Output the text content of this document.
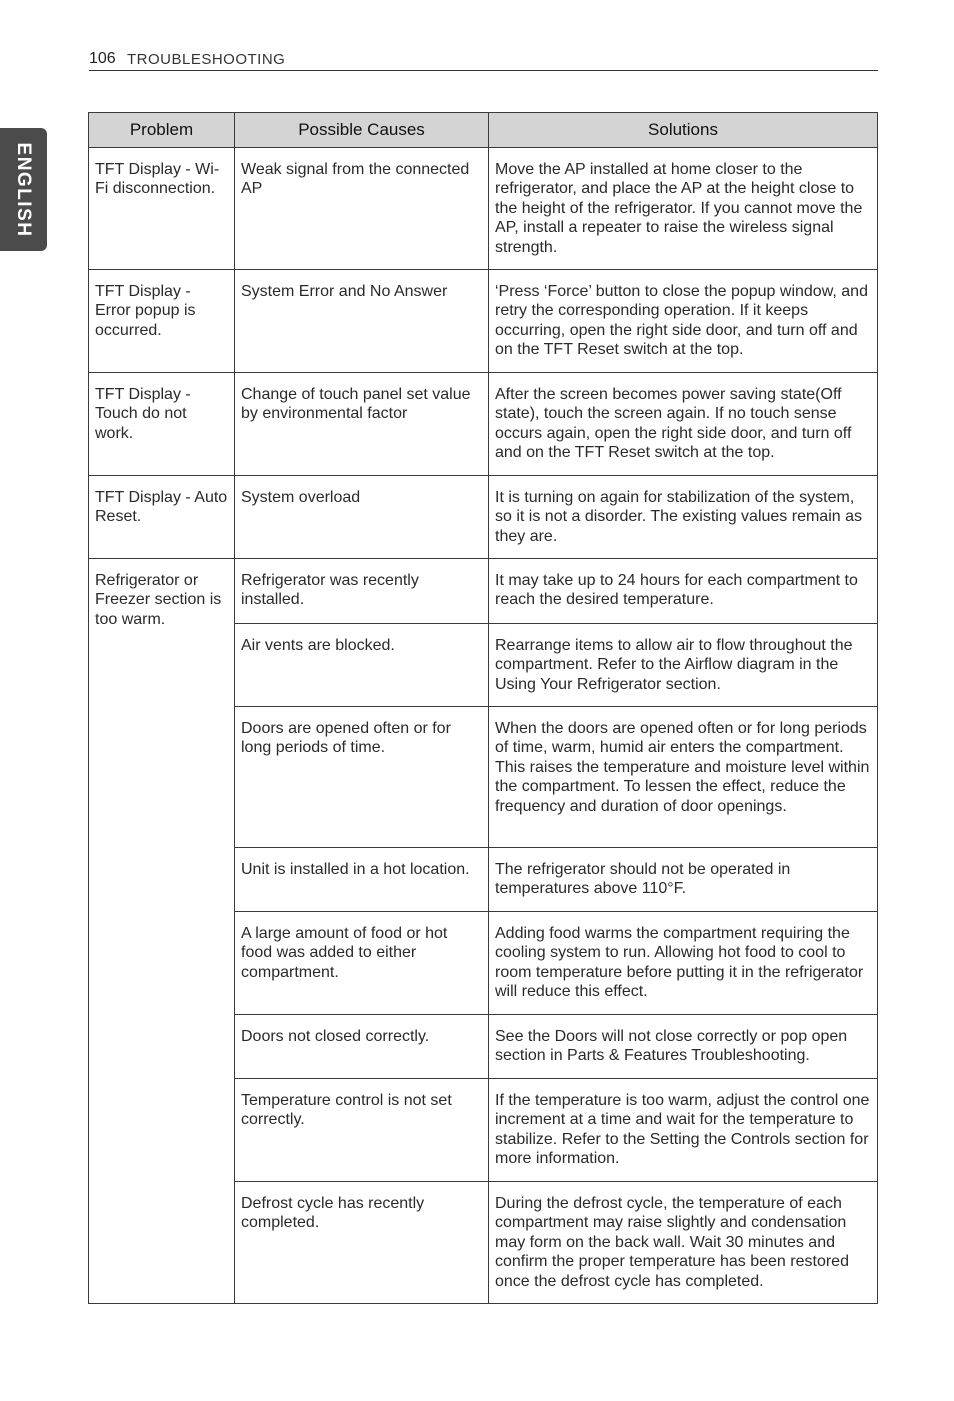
106 TROUBLESHOOTING
ENGLISH
Problem	Possible Causes	Solutions
TFT Display - Wi-Fi disconnection.	Weak signal from the connected AP	Move the AP installed at home closer to the refrigerator, and place the AP at the height close to the height of the refrigerator. If you cannot move the AP, install a repeater to raise the wireless signal strength.
TFT Display - Error popup is occurred.	System Error and No Answer	‘Press ‘Force’ button to close the popup window, and retry the corresponding operation. If it keeps occurring, open the right side door, and turn off and on the TFT Reset switch at the top.
TFT Display - Touch do not work.	Change of touch panel set value by environmental factor	After the screen becomes power saving state(Off state), touch the screen again. If no touch sense occurs again, open the right side door, and turn off and on the TFT Reset switch at the top.
TFT Display - Auto Reset.	System overload	It is turning on again for stabilization of the system, so it is not a disorder. The existing values remain as they are.
Refrigerator or Freezer section is too warm.	Refrigerator was recently installed.	It may take up to 24 hours for each compartment to reach the desired temperature.
	Air vents are blocked.	Rearrange items to allow air to flow throughout the compartment. Refer to the Airflow diagram in the Using Your Refrigerator section.
	Doors are opened often or for long periods of time.	When the doors are opened often or for long periods of time, warm, humid air enters the compartment. This raises the temperature and moisture level within the compartment. To lessen the effect, reduce the frequency and duration of door openings.
	Unit is installed in a hot location.	The refrigerator should not be operated in temperatures above 110°F.
	A large amount of food or hot food was added to either compartment.	Adding food warms the compartment requiring the cooling system to run. Allowing hot food to cool to room temperature before putting it in the refrigerator will reduce this effect.
	Doors not closed correctly.	See the Doors will not close correctly or pop open section in Parts & Features Troubleshooting.
	Temperature control is not set correctly.	If the temperature is too warm, adjust the control one increment at a time and wait for the temperature to stabilize. Refer to the Setting the Controls section for more information.
	Defrost cycle has recently completed.	During the defrost cycle, the temperature of each compartment may raise slightly and condensation may form on the back wall. Wait 30 minutes and confirm the proper temperature has been restored once the defrost cycle has completed.
